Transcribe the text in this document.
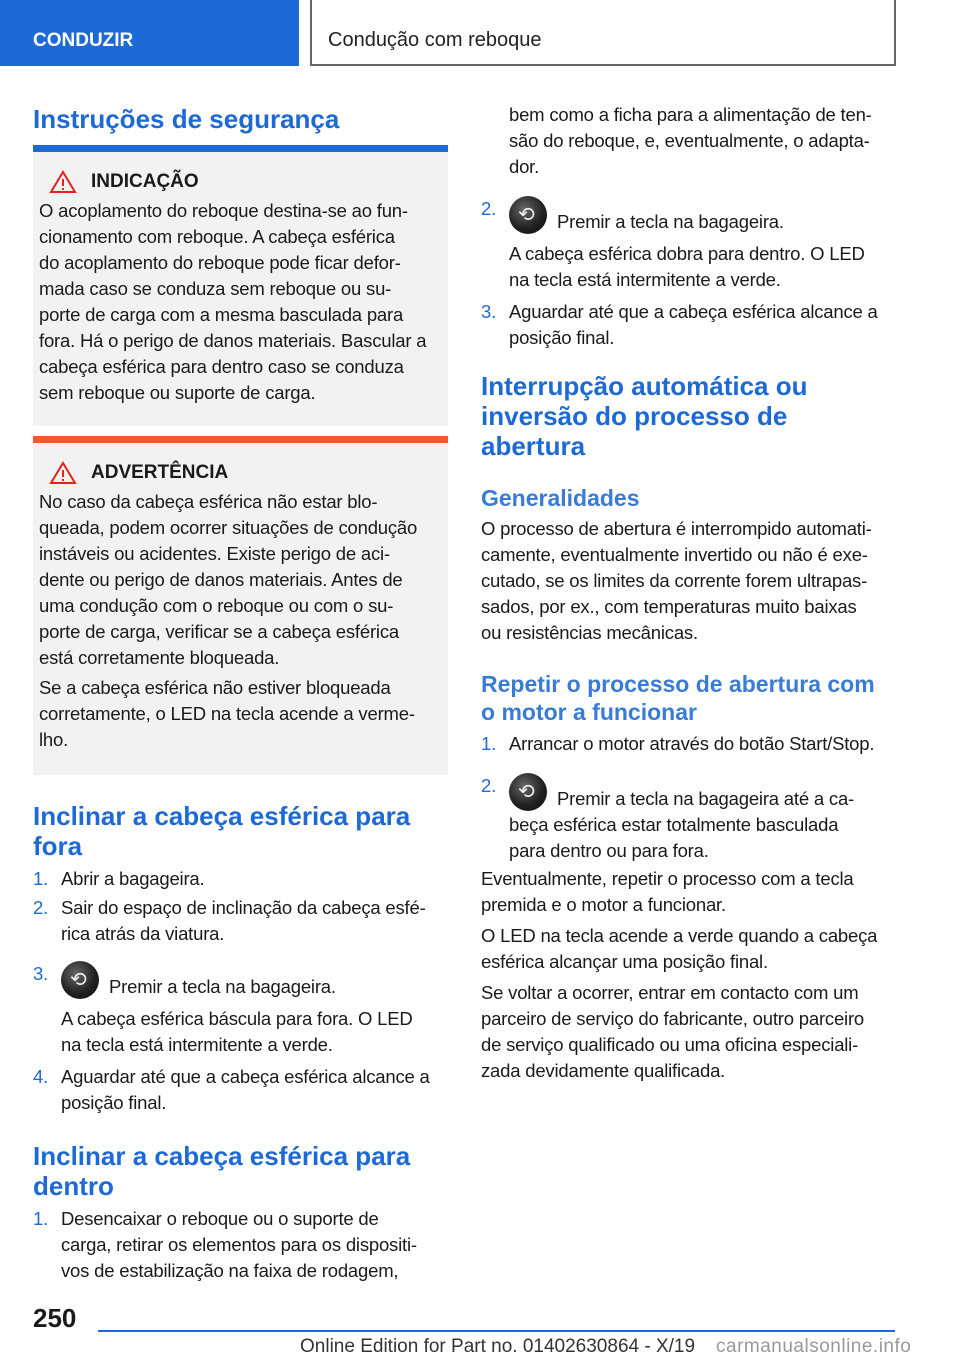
CONDUZIR	Condução com reboque
Instruções de segurança
INDICAÇÃO

O acoplamento do reboque destina-se ao fun-
cionamento com reboque. A cabeça esférica
do acoplamento do reboque pode ficar defor-
mada caso se conduza sem reboque ou su-
porte de carga com a mesma basculada para
fora. Há o perigo de danos materiais. Bascular a
cabeça esférica para dentro caso se conduza
sem reboque ou suporte de carga.

ADVERTÊNCIA

No caso da cabeça esférica não estar blo-
queada, podem ocorrer situações de condução
instáveis ou acidentes. Existe perigo de aci-
dente ou perigo de danos materiais. Antes de
uma condução com o reboque ou com o su-
porte de carga, verificar se a cabeça esférica
está corretamente bloqueada.

Se a cabeça esférica não estiver bloqueada
corretamente, o LED na tecla acende a verme-
lho.

Inclinar a cabeça esférica para
fora
1. Abrir a bagageira.
2. Sair do espaço de inclinação da cabeça esfé-
rica atrás da viatura.
3.
⟲Premir a tecla na bagageira.

A cabeça esférica báscula para fora. O LED
na tecla está intermitente a verde.
4. Aguardar até que a cabeça esférica alcance a
posição final.
Inclinar a cabeça esférica para
dentro
1. Desencaixar o reboque ou o suporte de
carga, retirar os elementos para os dispositi-
vos de estabilização na faixa de rodagem,
bem como a ficha para a alimentação de ten-
são do reboque, e, eventualmente, o adapta-
dor.
2.
⟲Premir a tecla na bagageira.

A cabeça esférica dobra para dentro. O LED
na tecla está intermitente a verde.
3. Aguardar até que a cabeça esférica alcance a
posição final.
Interrupção automática ou
inversão do processo de
abertura
Generalidades

O processo de abertura é interrompido automati-
camente, eventualmente invertido ou não é exe-
cutado, se os limites da corrente forem ultrapas-
sados, por ex., com temperaturas muito baixas
ou resistências mecânicas.

Repetir o processo de abertura com
o motor a funcionar
1. Arrancar o motor através do botão Start/Stop.
2.
⟲Premir a tecla na bagageira até a ca-
beça esférica estar totalmente basculada
para dentro ou para fora.

Eventualmente, repetir o processo com a tecla
premida e o motor a funcionar.

O LED na tecla acende a verde quando a cabeça
esférica alcançar uma posição final.

Se voltar a ocorrer, entrar em contacto com um
parceiro de serviço do fabricante, outro parceiro
de serviço qualificado ou uma oficina especiali-
zada devidamente qualificada.

250
Online Edition for Part no. 01402630864 - X/19 carmanualsonline.info
